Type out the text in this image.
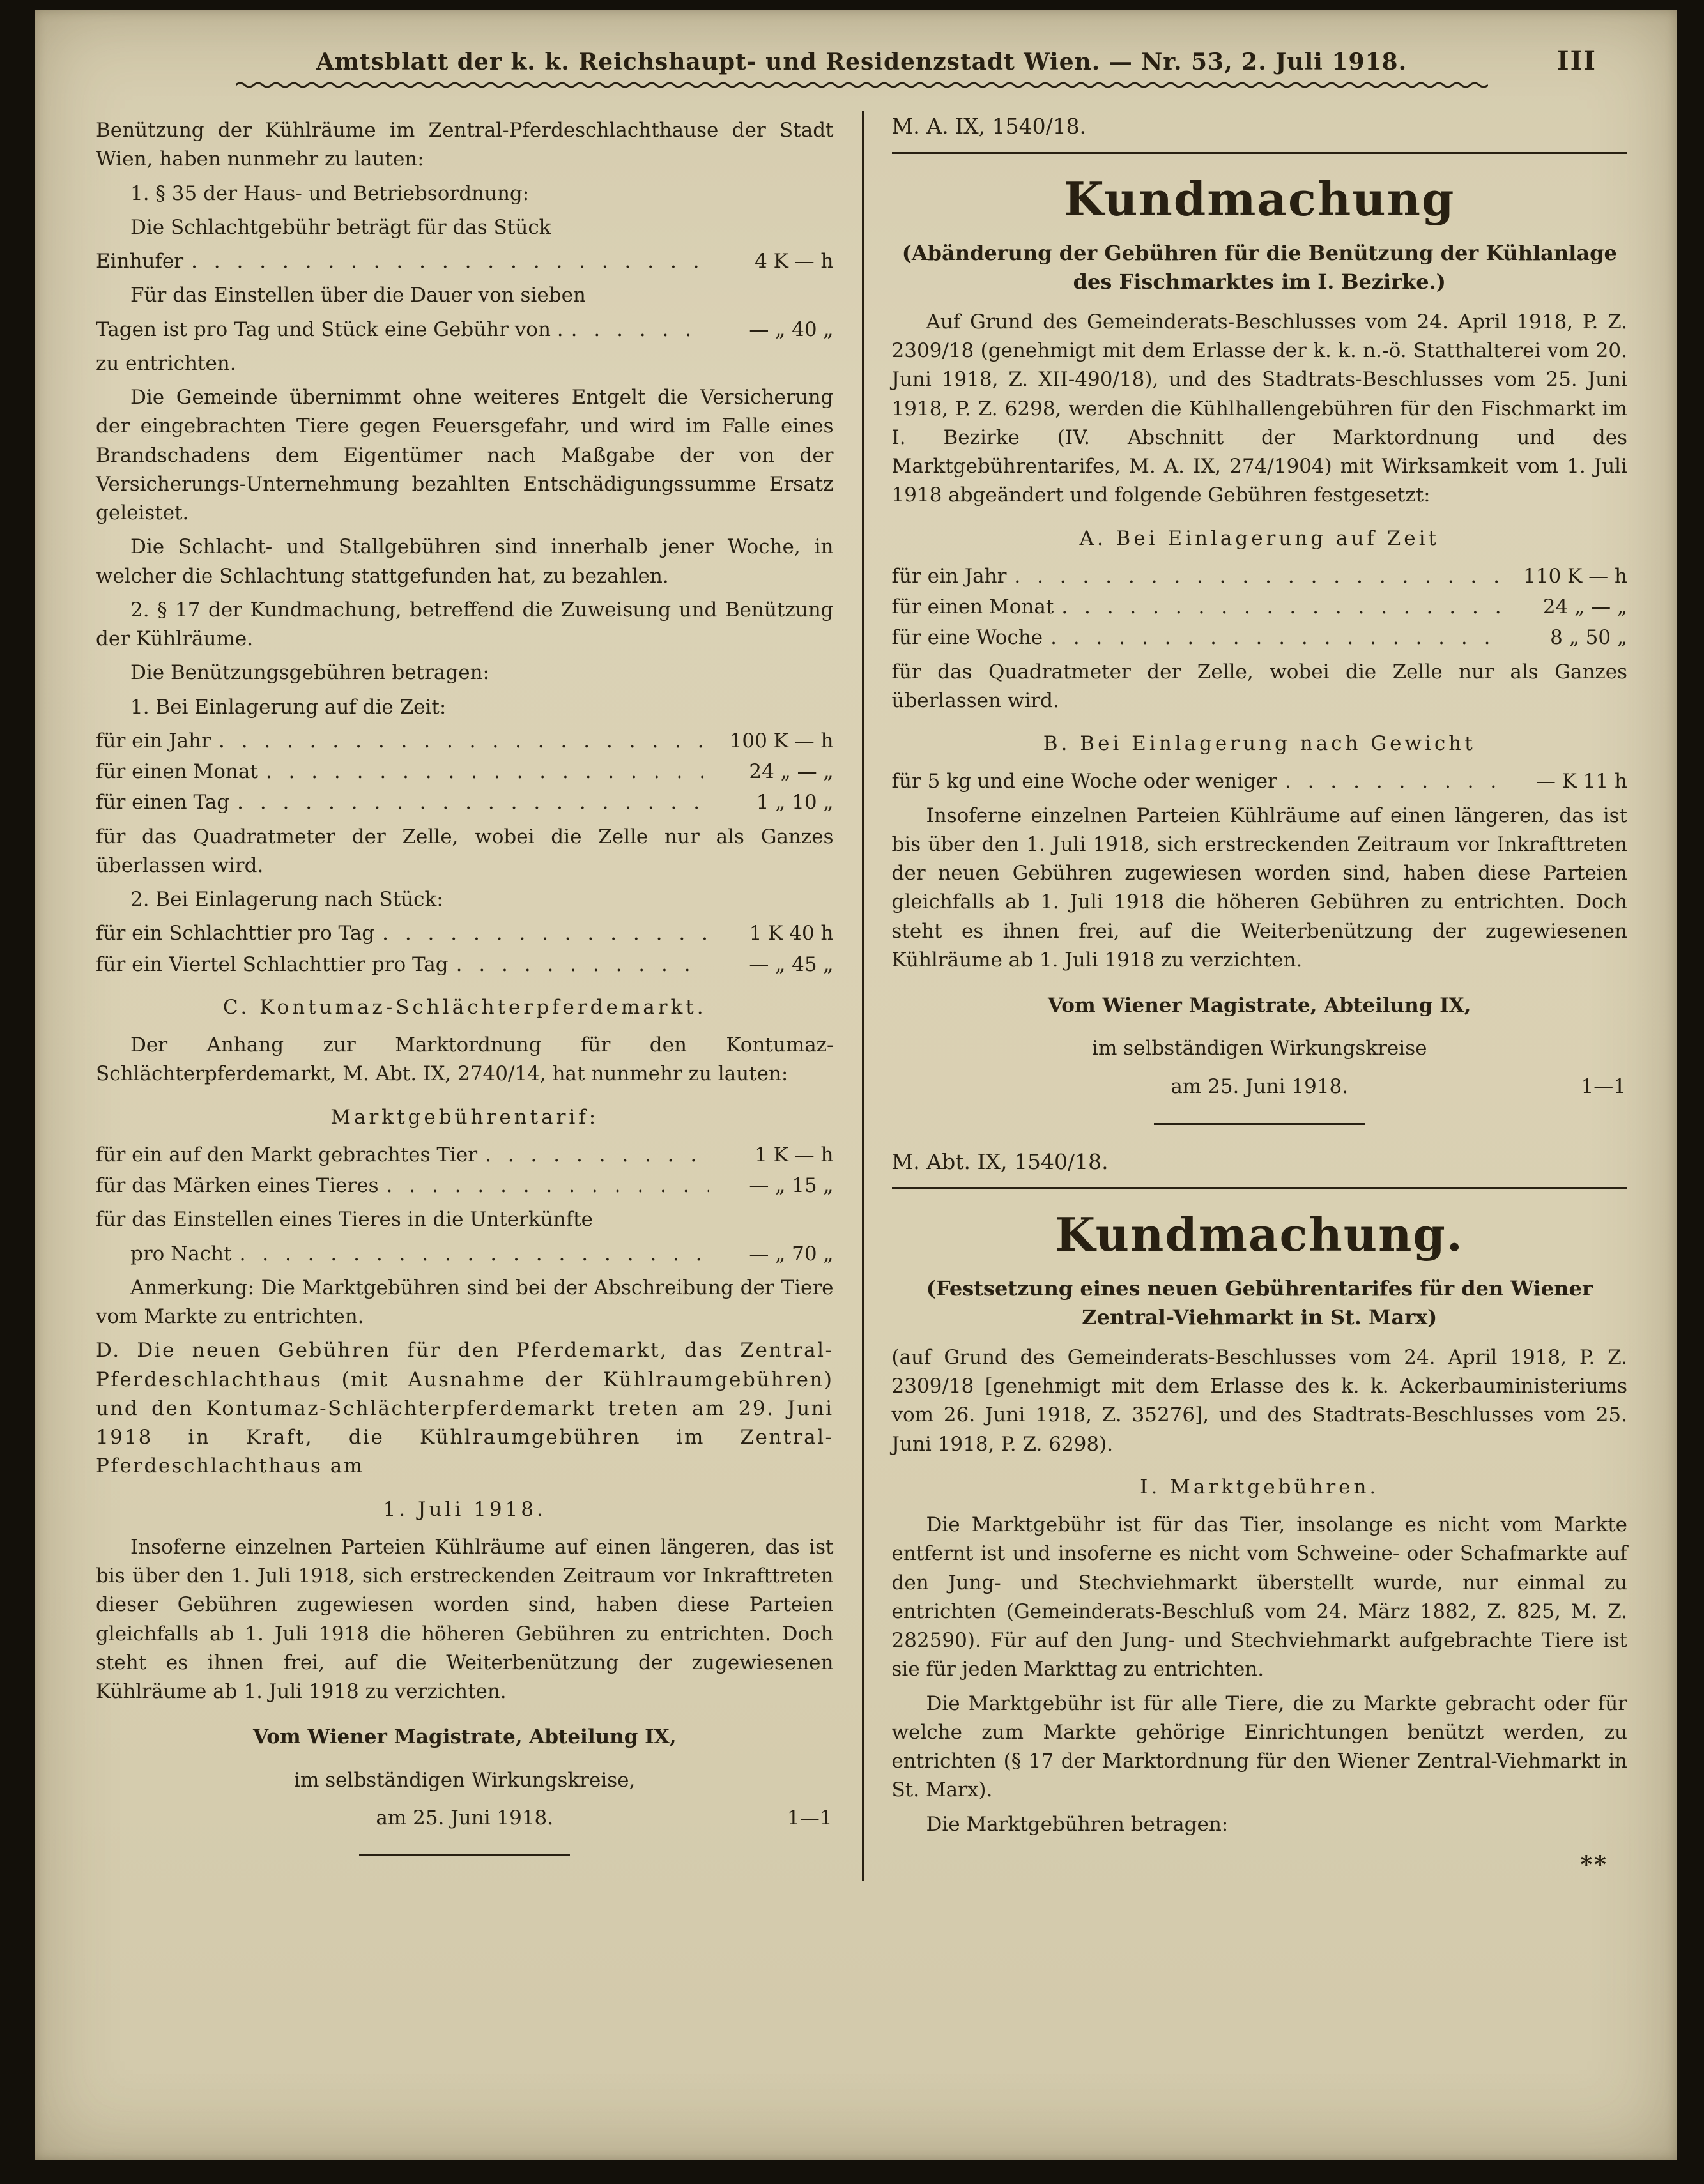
Amtsblatt der k. k. Reichshaupt- und Residenzstadt Wien. — Nr. 53, 2. Juli 1918.	III
Benützung der Kühlräume im Zentral-Pferdeschlachthause der Stadt Wien, haben nunmehr zu lauten:
1. § 35 der Haus- und Betriebsordnung:
Die Schlachtgebühr beträgt für das Stück
Einhufer . . .	4 K — h
Für das Einstellen über die Dauer von sieben
Tagen ist pro Tag und Stück eine Gebühr von . . . .	— „ 40 „
zu entrichten.
Die Gemeinde übernimmt ohne weiteres Entgelt die Versicherung der eingebrachten Tiere gegen Feuersgefahr, und wird im Falle eines Brandschadens dem Eigentümer nach Maßgabe der von der Versicherungs-Unternehmung bezahlten Entschädigungssumme Ersatz geleistet.
Die Schlacht- und Stallgebühren sind innerhalb jener Woche, in welcher die Schlachtung stattgefunden hat, zu bezahlen.
2. § 17 der Kundmachung, betreffend die Zuweisung und Benützung der Kühlräume.
Die Benützungsgebühren betragen:
1. Bei Einlagerung auf die Zeit:
für ein Jahr . . .	100 K — h
für einen Monat . . .	24 „ — „
für einen Tag . . .	1 „ 10 „
für das Quadratmeter der Zelle, wobei die Zelle nur als Ganzes überlassen wird.
2. Bei Einlagerung nach Stück:
für ein Schlachttier pro Tag . . .	1 K 40 h
für ein Viertel Schlachttier pro Tag . . .	— „ 45 „
C. Kontumaz-Schlächterpferdemarkt.
Der Anhang zur Marktordnung für den Kontumaz-Schlächterpferdemarkt, M. Abt. IX, 2740/14, hat nunmehr zu lauten:
Marktgebührentarif:
für ein auf den Markt gebrachtes Tier . . .	1 K — h
für das Märken eines Tieres . . .	— „ 15 „
für das Einstellen eines Tieres in die Unterkünfte
pro Nacht . . .	— „ 70 „
Anmerkung: Die Marktgebühren sind bei der Abschreibung der Tiere vom Markte zu entrichten.
D. Die neuen Gebühren für den Pferdemarkt, das Zentral-Pferdeschlachthaus (mit Ausnahme der Kühlraumgebühren) und den Kontumaz-Schlächterpferdemarkt treten am 29. Juni 1918 in Kraft, die Kühlraumgebühren im Zentral-Pferdeschlachthaus am
1. Juli 1918.
Insoferne einzelnen Parteien Kühlräume auf einen längeren, das ist bis über den 1. Juli 1918, sich erstreckenden Zeitraum vor Inkrafttreten dieser Gebühren zugewiesen worden sind, haben diese Parteien gleichfalls ab 1. Juli 1918 die höheren Gebühren zu entrichten. Doch steht es ihnen frei, auf die Weiterbenützung der zugewiesenen Kühlräume ab 1. Juli 1918 zu verzichten.
Vom Wiener Magistrate, Abteilung IX,
im selbständigen Wirkungskreise,
am 25. Juni 1918.	1—1
M. A. IX, 1540/18.
Kundmachung
(Abänderung der Gebühren für die Benützung der Kühlanlage des Fischmarktes im I. Bezirke.)
Auf Grund des Gemeinderats-Beschlusses vom 24. April 1918, P. Z. 2309/18 (genehmigt mit dem Erlasse der k. k. n.-ö. Statthalterei vom 20. Juni 1918, Z. XII-490/18), und des Stadtrats-Beschlusses vom 25. Juni 1918, P. Z. 6298, werden die Kühlhallengebühren für den Fischmarkt im I. Bezirke (IV. Abschnitt der Marktordnung und des Marktgebührentarifes, M. A. IX, 274/1904) mit Wirksamkeit vom 1. Juli 1918 abgeändert und folgende Gebühren festgesetzt:
A. Bei Einlagerung auf Zeit
für ein Jahr . . .	110 K — h
für einen Monat . . .	24 „ — „
für eine Woche . . .	8 „ 50 „
für das Quadratmeter der Zelle, wobei die Zelle nur als Ganzes überlassen wird.
B. Bei Einlagerung nach Gewicht
für 5 kg und eine Woche oder weniger . . .	— K 11 h
Insoferne einzelnen Parteien Kühlräume auf einen längeren, das ist bis über den 1. Juli 1918, sich erstreckenden Zeitraum vor Inkrafttreten der neuen Gebühren zugewiesen worden sind, haben diese Parteien gleichfalls ab 1. Juli 1918 die höheren Gebühren zu entrichten. Doch steht es ihnen frei, auf die Weiterbenützung der zugewiesenen Kühlräume ab 1. Juli 1918 zu verzichten.
Vom Wiener Magistrate, Abteilung IX,
im selbständigen Wirkungskreise
am 25. Juni 1918.	1—1
M. Abt. IX, 1540/18.
Kundmachung.
(Festsetzung eines neuen Gebührentarifes für den Wiener Zentral-Viehmarkt in St. Marx)
(auf Grund des Gemeinderats-Beschlusses vom 24. April 1918, P. Z. 2309/18 [genehmigt mit dem Erlasse des k. k. Ackerbauministeriums vom 26. Juni 1918, Z. 35276], und des Stadtrats-Beschlusses vom 25. Juni 1918, P. Z. 6298).
I. Marktgebühren.
Die Marktgebühr ist für das Tier, insolange es nicht vom Markte entfernt ist und insoferne es nicht vom Schweine- oder Schafmarkte auf den Jung- und Stechviehmarkt überstellt wurde, nur einmal zu entrichten (Gemeinderats-Beschluß vom 24. März 1882, Z. 825, M. Z. 282590). Für auf den Jung- und Stechviehmarkt aufgebrachte Tiere ist sie für jeden Markttag zu entrichten.
Die Marktgebühr ist für alle Tiere, die zu Markte gebracht oder für welche zum Markte gehörige Einrichtungen benützt werden, zu entrichten (§ 17 der Marktordnung für den Wiener Zentral-Viehmarkt in St. Marx).
Die Marktgebühren betragen:
**
